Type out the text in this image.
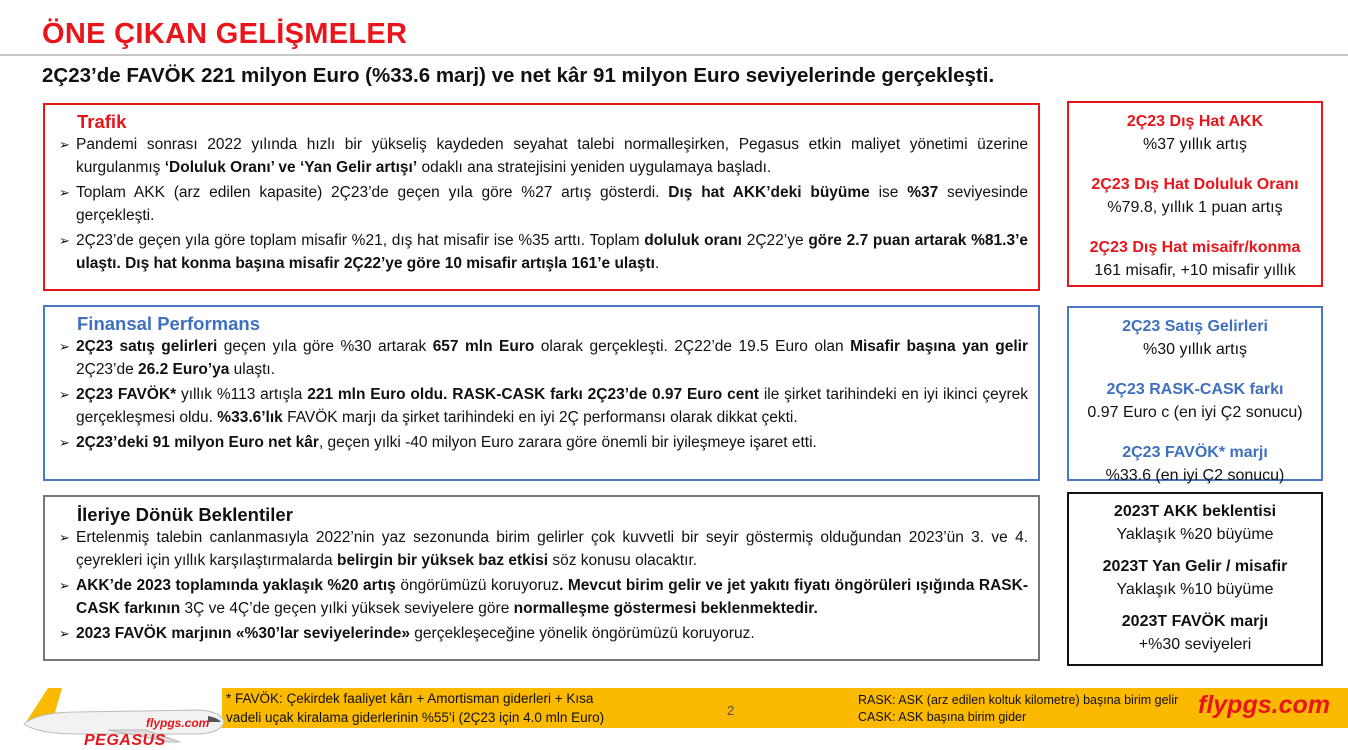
ÖNE ÇIKAN GELİŞMELER
2Ç23’de FAVÖK 221 milyon Euro (%33.6 marj) ve net kâr 91 milyon Euro seviyelerinde gerçekleşti.
Trafik
➢ Pandemi sonrası 2022 yılında hızlı bir yükseliş kaydeden seyahat talebi normalleşirken, Pegasus etkin maliyet yönetimi üzerine kurgulanmış ‘Doluluk Oranı’ ve ‘Yan Gelir artışı’ odaklı ana stratejisini yeniden uygulamaya başladı.
➢ Toplam AKK (arz edilen kapasite) 2Ç23’de geçen yıla göre %27 artış gösterdi. Dış hat AKK’deki büyüme ise %37 seviyesinde gerçekleşti.
➢ 2Ç23’de geçen yıla göre toplam misafir %21, dış hat misafir ise %35 arttı. Toplam doluluk oranı 2Ç22’ye göre 2.7 puan artarak %81.3’e ulaştı. Dış hat konma başına misafir 2Ç22’ye göre 10 misafir artışla 161’e ulaştı.
Finansal Performans
➢ 2Ç23 satış gelirleri geçen yıla göre %30 artarak 657 mln Euro olarak gerçekleşti. 2Ç22’de 19.5 Euro olan Misafir başına yan gelir 2Ç23’de 26.2 Euro’ya ulaştı.
➢ 2Ç23 FAVÖK* yıllık %113 artışla 221 mln Euro oldu. RASK-CASK farkı 2Ç23’de 0.97 Euro cent ile şirket tarihindeki en iyi ikinci çeyrek gerçekleşmesi oldu. %33.6’lık FAVÖK marjı da şirket tarihindeki en iyi 2Ç performansı olarak dikkat çekti.
➢ 2Ç23’deki 91 milyon Euro net kâr, geçen yılki -40 milyon Euro zarara göre önemli bir iyileşmeye işaret etti.
İleriye Dönük Beklentiler
➢ Ertelenmiş talebin canlanmasıyla 2022’nin yaz sezonunda birim gelirler çok kuvvetli bir seyir göstermiş olduğundan 2023’ün 3. ve 4. çeyrekleri için yıllık karşılaştırmalarda belirgin bir yüksek baz etkisi söz konusu olacaktır.
➢ AKK’de 2023 toplamında yaklaşık %20 artış öngörümüzü koruyoruz. Mevcut birim gelir ve jet yakıtı fiyatı öngörüleri ışığında RASK-CASK farkının 3Ç ve 4Ç’de geçen yılki yüksek seviyelere göre normalleşme göstermesi beklenmektedir.
➢ 2023 FAVÖK marjının «%30’lar seviyelerinde» gerçekleşeceğine yönelik öngörümüzü koruyoruz.
2Ç23 Dış Hat AKK
%37 yıllık artış
2Ç23 Dış Hat Doluluk Oranı
%79.8, yıllık 1 puan artış
2Ç23 Dış Hat misaifr/konma
161 misafir, +10 misafir yıllık
2Ç23 Satış Gelirleri
%30 yıllık artış
2Ç23 RASK-CASK farkı
0.97 Euro c (en iyi Ç2 sonucu)
2Ç23 FAVÖK* marjı
%33.6 (en iyi Ç2 sonucu)
2023T AKK beklentisi
Yaklaşık %20 büyüme
2023T Yan Gelir / misafir
Yaklaşık %10 büyüme
2023T FAVÖK marjı
+%30 seviyeleri
flypgs.com
* FAVÖK: Çekirdek faaliyet kârı + Amortisman giderleri + Kısa
vadeli uçak kiralama giderlerinin %55’i (2Ç23 için 4.0 mln Euro)	2
RASK: ASK (arz edilen koltuk kilometre) başına birim gelir
CASK: ASK başına birim gider	flypgs.com
PEGASUS
